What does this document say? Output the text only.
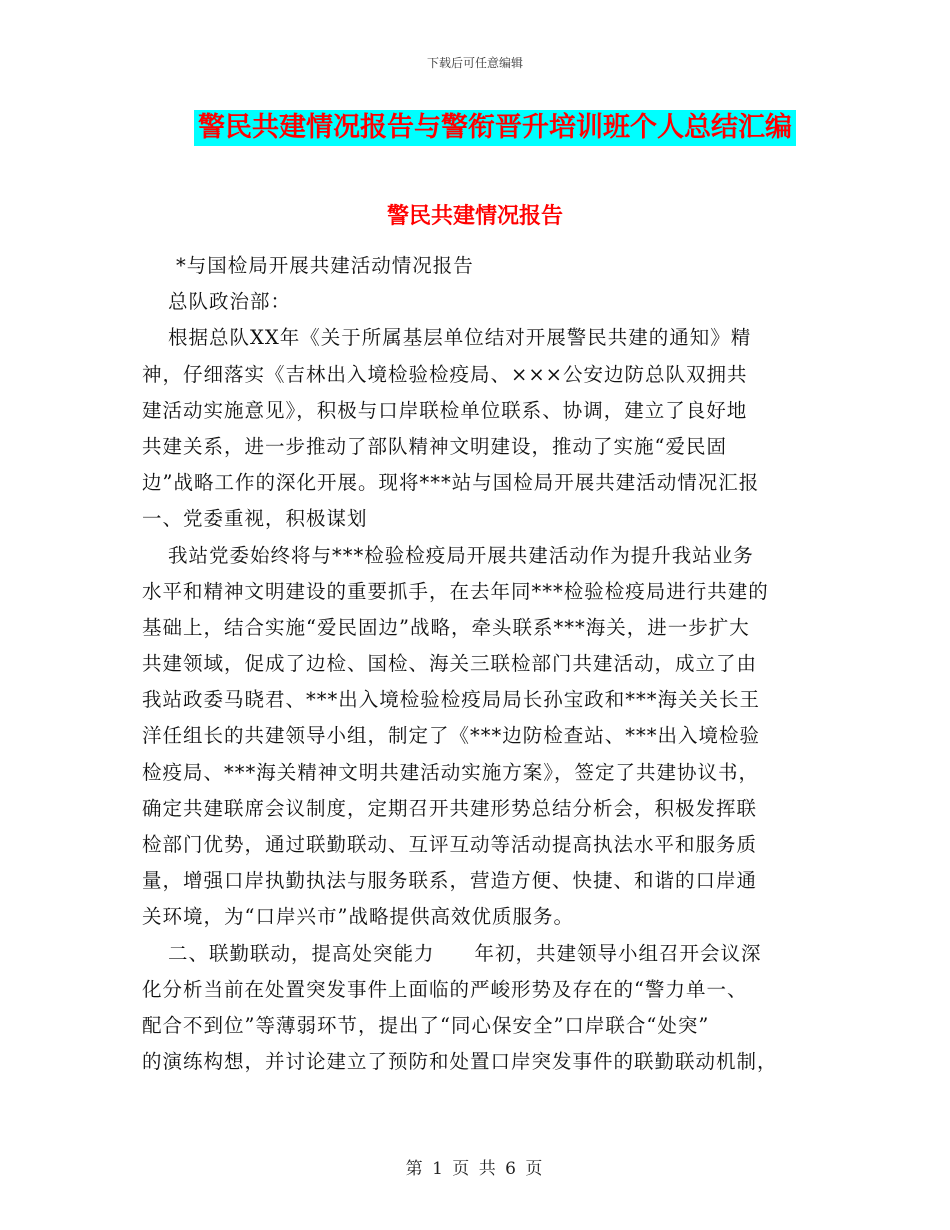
下载后可任意编辑
警民共建情况报告与警衔晋升培训班个人总结汇编
警民共建情况报告
*与国检局开展共建活动情况报告
总队政治部：
根据总队XX年《关于所属基层单位结对开展警民共建的通知》精
神，仔细落实《吉林出入境检验检疫局、×××公安边防总队双拥共
建活动实施意见》，积极与口岸联检单位联系、协调，建立了良好地
共建关系，进一步推动了部队精神文明建设，推动了实施“爱民固
边”战略工作的深化开展。现将***站与国检局开展共建活动情况汇报
一、党委重视，积极谋划
我站党委始终将与***检验检疫局开展共建活动作为提升我站业务
水平和精神文明建设的重要抓手，在去年同***检验检疫局进行共建的
基础上，结合实施“爱民固边”战略，牵头联系***海关，进一步扩大
共建领域，促成了边检、国检、海关三联检部门共建活动，成立了由
我站政委马晓君、***出入境检验检疫局局长孙宝政和***海关关长王
洋任组长的共建领导小组，制定了《***边防检查站、***出入境检验
检疫局、***海关精神文明共建活动实施方案》，签定了共建协议书，
确定共建联席会议制度，定期召开共建形势总结分析会，积极发挥联
检部门优势，通过联勤联动、互评互动等活动提高执法水平和服务质
量，增强口岸执勤执法与服务联系，营造方便、快捷、和谐的口岸通
关环境，为“口岸兴市”战略提供高效优质服务。
二、联勤联动，提高处突能力 年初，共建领导小组召开会议深
化分析当前在处置突发事件上面临的严峻形势及存在的“警力单一、
配合不到位”等薄弱环节，提出了“同心保安全”口岸联合“处突”
的演练构想，并讨论建立了预防和处置口岸突发事件的联勤联动机制，
第 1 页 共 6 页
